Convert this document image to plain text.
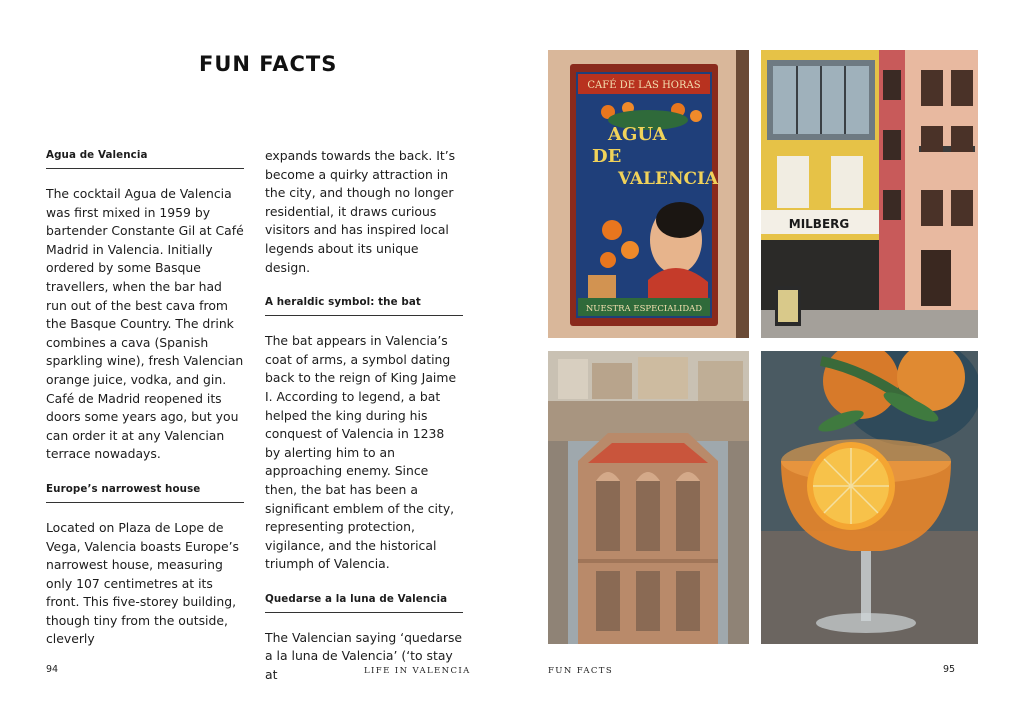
FUN FACTS
Agua de Valencia

The cocktail Agua de Valencia was first mixed in 1959 by bartender Constante Gil at Café Madrid in Valencia. Initially ordered by some Basque travellers, when the bar had run out of the best cava from the Basque Country. The drink combines a cava (Spanish sparkling wine), fresh Valencian orange juice, vodka, and gin. Café de Madrid reopened its doors some years ago, but you can order it at any Valencian terrace nowadays.

Europe’s narrowest house

Located on Plaza de Lope de Vega, Valencia boasts Europe’s narrowest house, measuring only 107 centimetres at its front. This five-storey building, though tiny from the outside, cleverly

expands towards the back. It’s become a quirky attraction in the city, and though no longer residential, it draws curious visitors and has inspired local legends about its unique design.

A heraldic symbol: the bat

The bat appears in Valencia’s coat of arms, a symbol dating back to the reign of King Jaime I. According to legend, a bat helped the king during his conquest of Valencia in 1238 by alerting him to an approaching enemy. Since then, the bat has been a significant emblem of the city, representing protection, vigilance, and the historical triumph of Valencia.

Quedarse a la luna de Valencia

The Valencian saying ‘quedarse a la luna de Valencia’ (‘to stay at

CAFÉ DE LAS HORAS
AGUA
DE
VALENCIA
NUESTRA ESPECIALIDAD
MILBERG
94	LIFE IN VALENCIA	FUN FACTS	95
